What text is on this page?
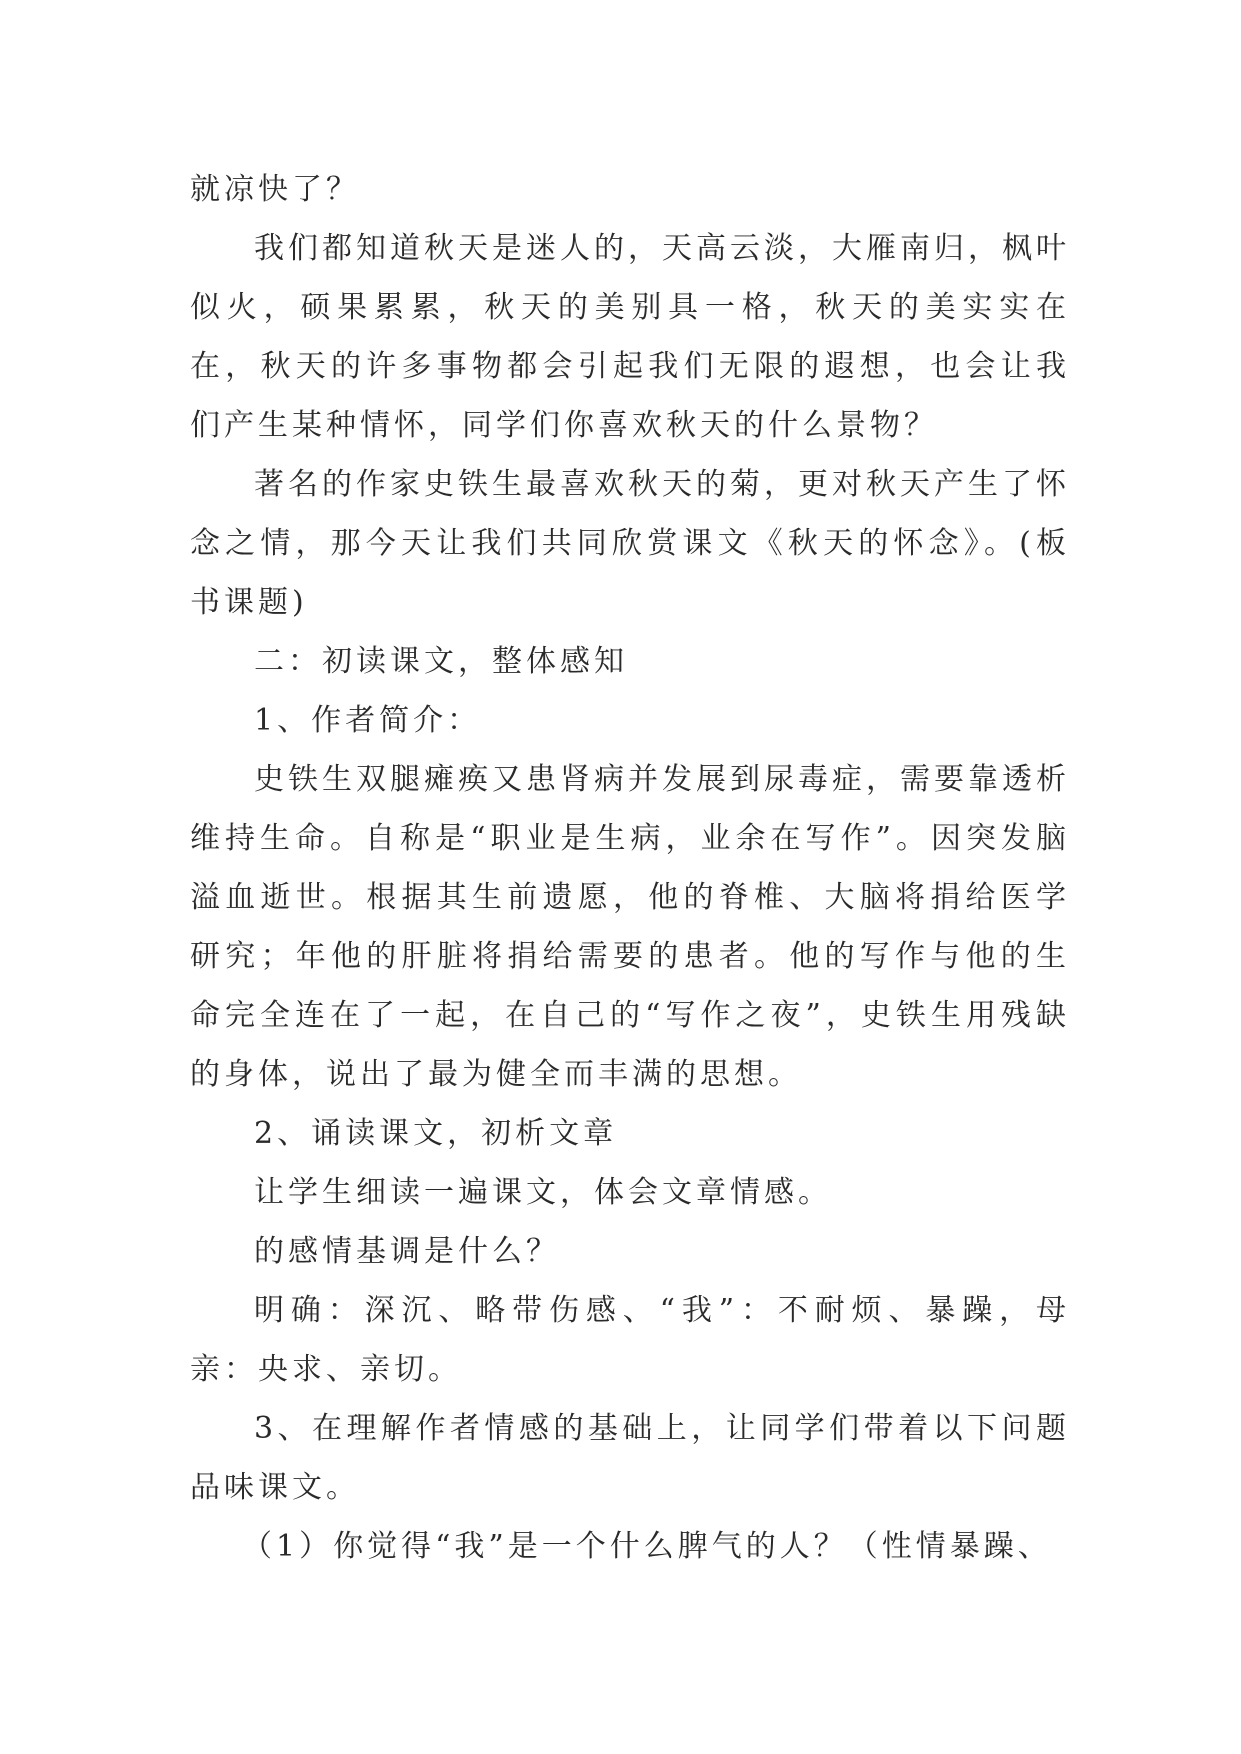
就凉快了？

我们都知道秋天是迷人的，天高云淡，大雁南归，枫叶似火，硕果累累，秋天的美别具一格，秋天的美实实在在，秋天的许多事物都会引起我们无限的遐想，也会让我们产生某种情怀，同学们你喜欢秋天的什么景物？

著名的作家史铁生最喜欢秋天的菊，更对秋天产生了怀念之情，那今天让我们共同欣赏课文《秋天的怀念》。(板书课题)

二：初读课文，整体感知

1、作者简介：

史铁生双腿瘫痪又患肾病并发展到尿毒症，需要靠透析维持生命。自称是“职业是生病，业余在写作”。因突发脑溢血逝世。根据其生前遗愿，他的脊椎、大脑将捐给医学研究；年他的肝脏将捐给需要的患者。他的写作与他的生命完全连在了一起，在自己的“写作之夜”，史铁生用残缺的身体，说出了最为健全而丰满的思想。

2、诵读课文，初析文章

让学生细读一遍课文，体会文章情感。

的感情基调是什么？

明确：深沉、略带伤感、“我”：不耐烦、暴躁，母亲：央求、亲切。

3、在理解作者情感的基础上，让同学们带着以下问题品味课文。

（1）你觉得“我”是一个什么脾气的人？（性情暴躁、
